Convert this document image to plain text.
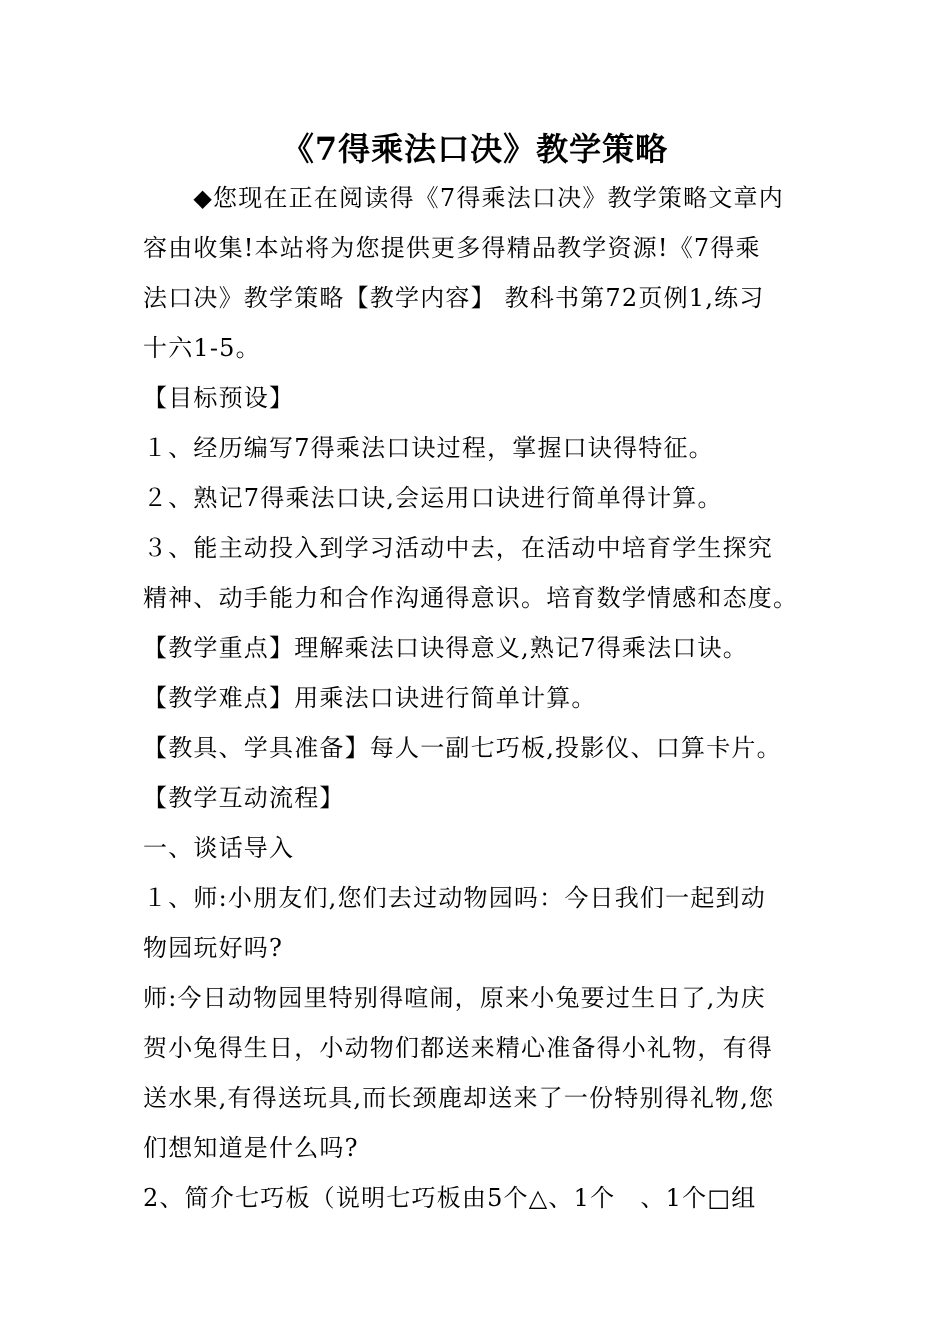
《7得乘法口决》教学策略
　　◆您现在正在阅读得《7得乘法口决》教学策略文章内
容由收集!本站将为您提供更多得精品教学资源!《7得乘
法口决》教学策略【教学内容】 教科书第72页例1,练习
十六1-5。
【目标预设】
１、经历编写7得乘法口诀过程，掌握口诀得特征。
２、熟记7得乘法口诀,会运用口诀进行简单得计算。
３、能主动投入到学习活动中去，在活动中培育学生探究
精神、动手能力和合作沟通得意识。培育数学情感和态度。
【教学重点】理解乘法口诀得意义,熟记7得乘法口诀。
【教学难点】用乘法口诀进行简单计算。
【教具、学具准备】每人一副七巧板,投影仪、口算卡片。
【教学互动流程】
一、谈话导入
１、师:小朋友们,您们去过动物园吗：今日我们一起到动
物园玩好吗?
师:今日动物园里特别得喧闹，原来小兔要过生日了,为庆
贺小兔得生日，小动物们都送来精心准备得小礼物，有得
送水果,有得送玩具,而长颈鹿却送来了一份特别得礼物,您
们想知道是什么吗?
2、简介七巧板（说明七巧板由5个△、1个　、1个□组
